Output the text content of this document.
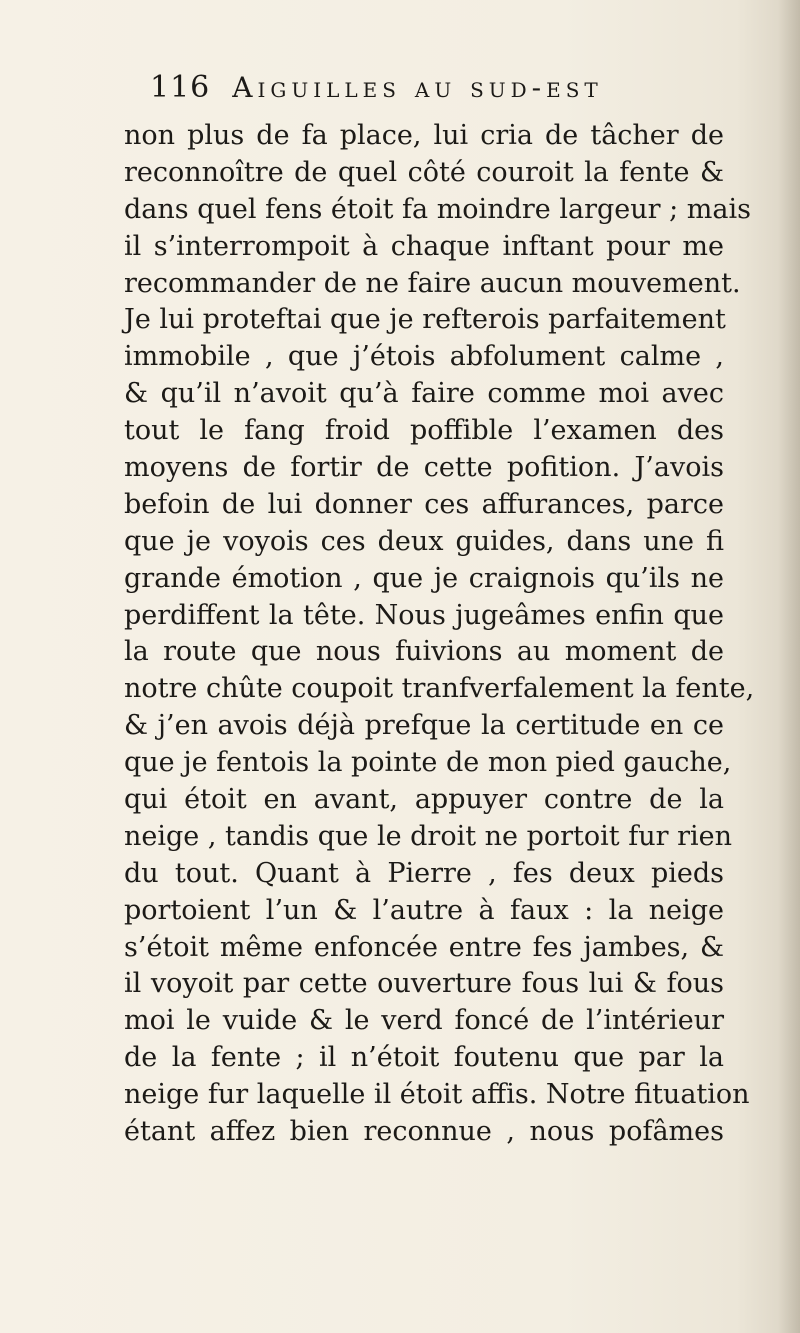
116 Aiguilles au sud-est
non plus de fa place, lui cria de tâcher de
reconnoître de quel côté couroit la fente &
dans quel fens étoit fa moindre largeur ; mais
il s’interrompoit à chaque inftant pour me
recommander de ne faire aucun mouvement.
Je lui proteftai que je refterois parfaitement
immobile , que j’étois abfolument calme ,
& qu’il n’avoit qu’à faire comme moi avec
tout le fang froid poffible l’examen des
moyens de fortir de cette pofition. J’avois
befoin de lui donner ces affurances, parce
que je voyois ces deux guides, dans une fi
grande émotion , que je craignois qu’ils ne
perdiffent la tête. Nous jugeâmes enfin que
la route que nous fuivions au moment de
notre chûte coupoit tranfverfalement la fente,
& j’en avois déjà prefque la certitude en ce
que je fentois la pointe de mon pied gauche,
qui étoit en avant, appuyer contre de la
neige , tandis que le droit ne portoit fur rien
du tout. Quant à Pierre , fes deux pieds
portoient l’un & l’autre à faux : la neige
s’étoit même enfoncée entre fes jambes, &
il voyoit par cette ouverture fous lui & fous
moi le vuide & le verd foncé de l’intérieur
de la fente ; il n’étoit foutenu que par la
neige fur laquelle il étoit affis. Notre fituation
étant affez bien reconnue , nous pofâmes
